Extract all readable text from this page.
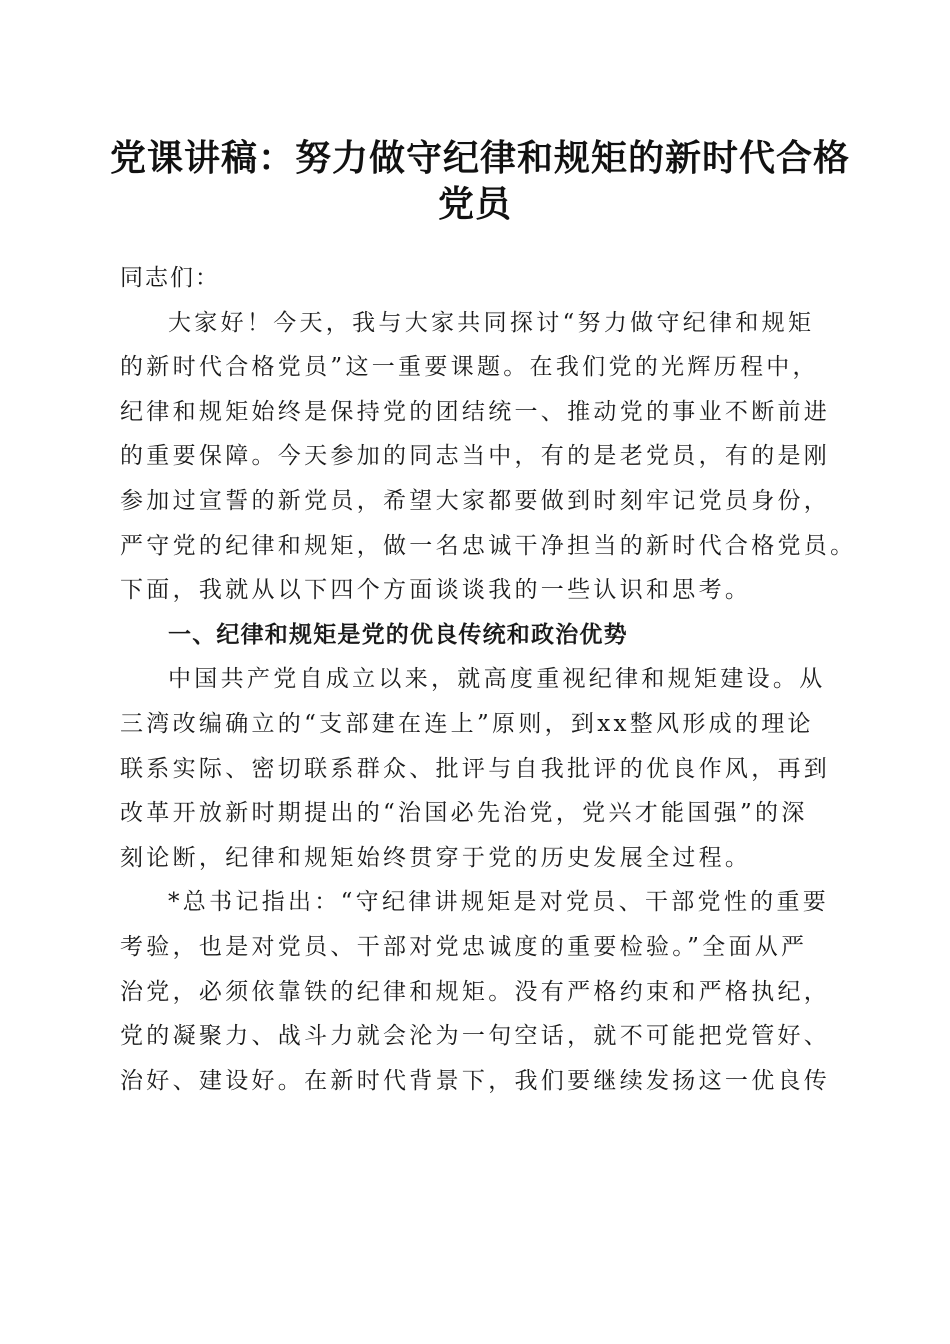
党课讲稿：努力做守纪律和规矩的新时代合格
党员
同志们：
大家好！今天，我与大家共同探讨“努力做守纪律和规矩
的新时代合格党员”这一重要课题。在我们党的光辉历程中，
纪律和规矩始终是保持党的团结统一、推动党的事业不断前进
的重要保障。今天参加的同志当中，有的是老党员，有的是刚
参加过宣誓的新党员，希望大家都要做到时刻牢记党员身份，
严守党的纪律和规矩，做一名忠诚干净担当的新时代合格党员。
下面，我就从以下四个方面谈谈我的一些认识和思考。
一、纪律和规矩是党的优良传统和政治优势
中国共产党自成立以来，就高度重视纪律和规矩建设。从
三湾改编确立的“支部建在连上”原则，到xx整风形成的理论
联系实际、密切联系群众、批评与自我批评的优良作风，再到
改革开放新时期提出的“治国必先治党，党兴才能国强”的深
刻论断，纪律和规矩始终贯穿于党的历史发展全过程。
*总书记指出：“守纪律讲规矩是对党员、干部党性的重要
考验，也是对党员、干部对党忠诚度的重要检验。”全面从严
治党，必须依靠铁的纪律和规矩。没有严格约束和严格执纪，
党的凝聚力、战斗力就会沦为一句空话，就不可能把党管好、
治好、建设好。在新时代背景下，我们要继续发扬这一优良传
